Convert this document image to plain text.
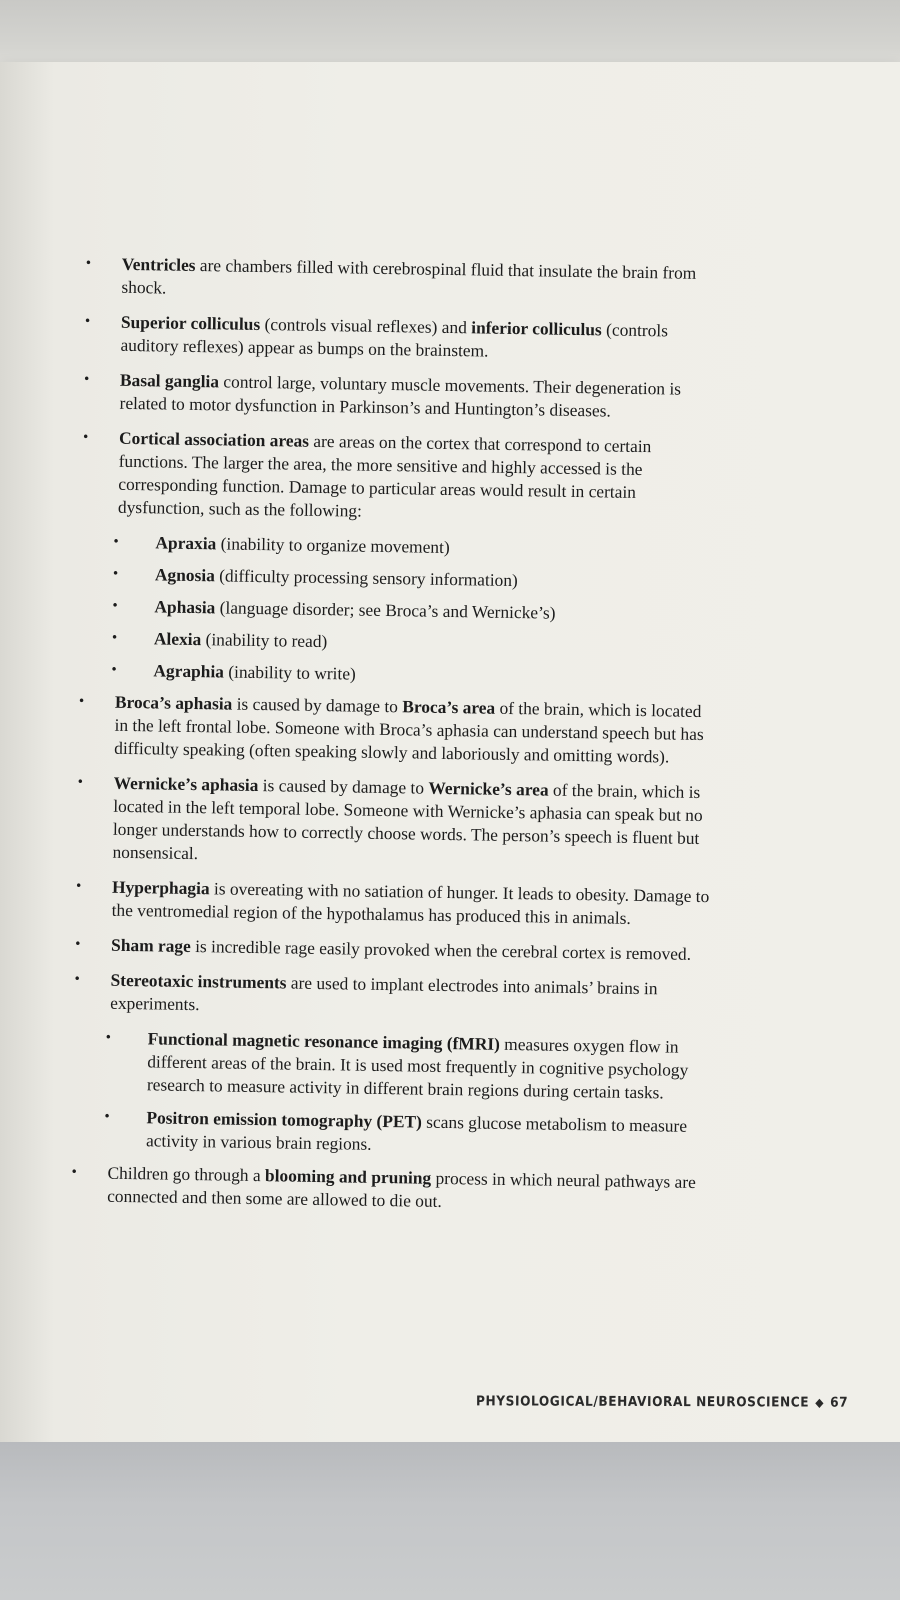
• Ventricles are chambers filled with cerebrospinal fluid that insulate the brain from shock.
• Superior colliculus (controls visual reflexes) and inferior colliculus (controls auditory reflexes) appear as bumps on the brainstem.
• Basal ganglia control large, voluntary muscle movements. Their degeneration is related to motor dysfunction in Parkinson’s and Huntington’s diseases.
• Cortical association areas are areas on the cortex that correspond to certain functions. The larger the area, the more sensitive and highly accessed is the corresponding function. Damage to particular areas would result in certain dysfunction, such as the following:
• Apraxia (inability to organize movement)
• Agnosia (difficulty processing sensory information)
• Aphasia (language disorder; see Broca’s and Wernicke’s)
• Alexia (inability to read)
• Agraphia (inability to write)
• Broca’s aphasia is caused by damage to Broca’s area of the brain, which is located in the left frontal lobe. Someone with Broca’s aphasia can understand speech but has difficulty speaking (often speaking slowly and laboriously and omitting words).
• Wernicke’s aphasia is caused by damage to Wernicke’s area of the brain, which is located in the left temporal lobe. Someone with Wernicke’s aphasia can speak but no longer understands how to correctly choose words. The person’s speech is fluent but nonsensical.
• Hyperphagia is overeating with no satiation of hunger. It leads to obesity. Damage to the ventromedial region of the hypothalamus has produced this in animals.
• Sham rage is incredible rage easily provoked when the cerebral cortex is removed.
• Stereotaxic instruments are used to implant electrodes into animals’ brains in experiments.
• Functional magnetic resonance imaging (fMRI) measures oxygen flow in different areas of the brain. It is used most frequently in cognitive psychology research to measure activity in different brain regions during certain tasks.
• Positron emission tomography (PET) scans glucose metabolism to measure activity in various brain regions.
• Children go through a blooming and pruning process in which neural pathways are connected and then some are allowed to die out.
PHYSIOLOGICAL/BEHAVIORAL NEUROSCIENCE ◆ 67
